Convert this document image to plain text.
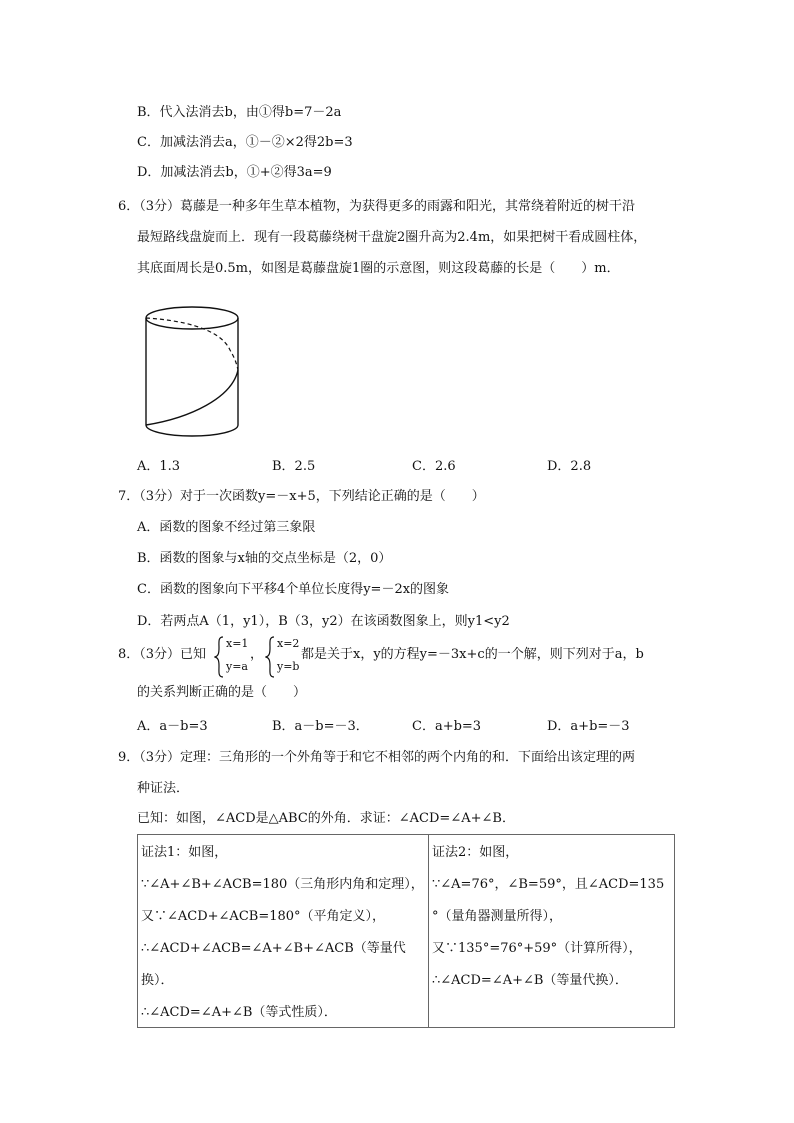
B．代入法消去b，由①得b=7－2a
C．加减法消去a，①－②×2得2b=3
D．加减法消去b，①+②得3a=9
6．（3分）葛藤是一种多年生草本植物，为获得更多的雨露和阳光，其常绕着附近的树干沿
最短路线盘旋而上．现有一段葛藤绕树干盘旋2圈升高为2.4m，如果把树干看成圆柱体，
其底面周长是0.5m，如图是葛藤盘旋1圈的示意图，则这段葛藤的长是（　　）m．
A．1.3	B．2.5	C．2.6	D．2.8
7．（3分）对于一次函数y=－x+5，下列结论正确的是（　　）
A．函数的图象不经过第三象限
B．函数的图象与x轴的交点坐标是（2，0）
C．函数的图象向下平移4个单位长度得y=－2x的图象
D．若两点A（1，y1），B（3，y2）在该函数图象上，则y1<y2
8．（3分）已知
x=1
y=a
，
x=2
y=b
都是关于x，y的方程y=－3x+c的一个解，则下列对于a，b
的关系判断正确的是（　　）
A．a－b=3	B．a－b=－3．	C．a+b=3	D．a+b=－3
9．（3分）定理：三角形的一个外角等于和它不相邻的两个内角的和．下面给出该定理的两
种证法．
已知：如图，∠ACD是△ABC的外角．求证：∠ACD=∠A+∠B．
证法1：如图，
∵∠A+∠B+∠ACB=180（三角形内角和定理），
又∵∠ACD+∠ACB=180°（平角定义），
∴∠ACD+∠ACB=∠A+∠B+∠ACB（等量代
换）．
∴∠ACD=∠A+∠B（等式性质）．

证法2：如图，
∵∠A=76°，∠B=59°，且∠ACD=135
°（量角器测量所得），
又∵135°=76°+59°（计算所得），
∴∠ACD=∠A+∠B（等量代换）．
